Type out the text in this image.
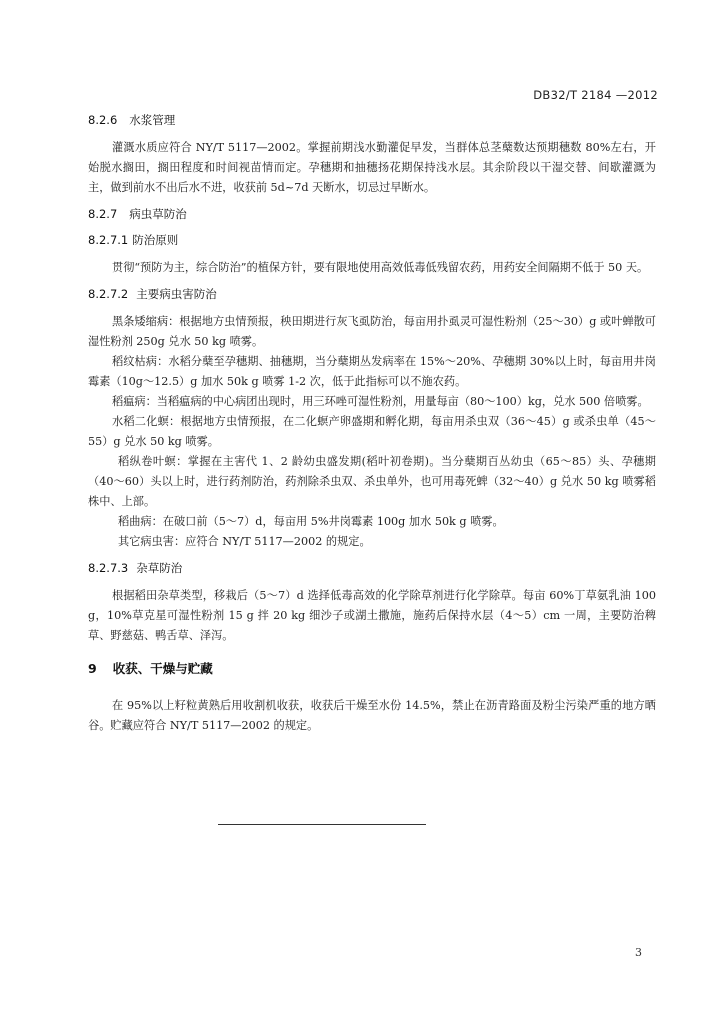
DB32/T 2184 —2012
8.2.6 水浆管理

灌溉水质应符合 NY/T 5117—2002。掌握前期浅水勤灌促早发，当群体总茎蘖数达预期穗数 80%左右，开始脱水搁田，搁田程度和时间视苗情而定。孕穗期和抽穗扬花期保持浅水层。其余阶段以干湿交替、间歇灌溉为主，做到前水不出后水不进，收获前 5d~7d 天断水，切忌过早断水。

8.2.7 病虫草防治
8.2.7.1 防治原则

贯彻“预防为主，综合防治”的植保方针，要有限地使用高效低毒低残留农药，用药安全间隔期不低于 50 天。

8.2.7.2 主要病虫害防治

黑条矮缩病：根据地方虫情预报，秧田期进行灰飞虱防治，每亩用扑虱灵可湿性粉剂（25～30）g 或叶蝉散可湿性粉剂 250g 兑水 50 kg 喷雾。

稻纹枯病：水稻分蘖至孕穗期、抽穗期，当分蘖期丛发病率在 15%～20%、孕穗期 30%以上时，每亩用井岗霉素（10g～12.5）g 加水 50k g 喷雾 1-2 次，低于此指标可以不施农药。

稻瘟病：当稻瘟病的中心病团出现时，用三环唑可湿性粉剂，用量每亩（80～100）kg，兑水 500 倍喷雾。

水稻二化螟：根据地方虫情预报，在二化螟产卵盛期和孵化期，每亩用杀虫双（36～45）g 或杀虫单（45～55）g 兑水 50 kg 喷雾。

稻纵卷叶螟：掌握在主害代 1、2 龄幼虫盛发期(稻叶初卷期)。当分蘖期百丛幼虫（65～85）头、孕穗期（40～60）头以上时，进行药剂防治，药剂除杀虫双、杀虫单外，也可用毒死蜱（32～40）g 兑水 50 kg 喷雾稻株中、上部。

稻曲病：在破口前（5～7）d，每亩用 5%井岗霉素 100g 加水 50k g 喷雾。

其它病虫害：应符合 NY/T 5117—2002 的规定。

8.2.7.3 杂草防治

根据稻田杂草类型，移栽后（5～7）d 选择低毒高效的化学除草剂进行化学除草。每亩 60%丁草氨乳油 100 g，10%草克星可湿性粉剂 15 g 拌 20 kg 细沙子或湖土撒施，施药后保持水层（4～5）cm 一周，主要防治稗草、野慈菇、鸭舌草、泽泻。

9 收获、干燥与贮藏

在 95%以上籽粒黄熟后用收割机收获，收获后干燥至水份 14.5%，禁止在沥青路面及粉尘污染严重的地方晒谷。贮藏应符合 NY/T 5117—2002 的规定。

3
